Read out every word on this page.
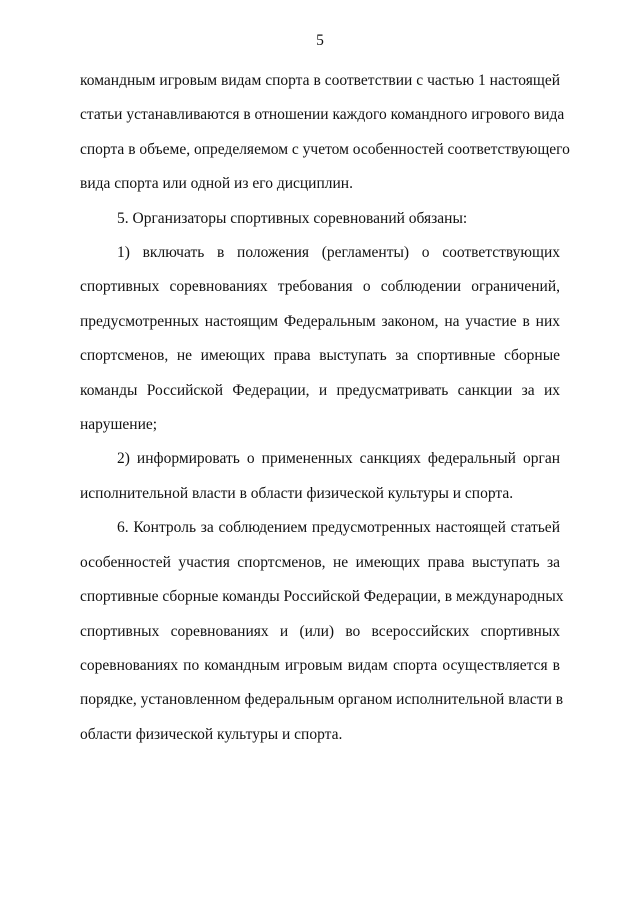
5
командным игровым видам спорта в соответствии с частью 1 настоящей
статьи устанавливаются в отношении каждого командного игрового вида
спорта в объеме, определяемом с учетом особенностей соответствующего
вида спорта или одной из его дисциплин.
5. Организаторы спортивных соревнований обязаны:
1) включать в положения (регламенты) о соответствующих
спортивных соревнованиях требования о соблюдении ограничений,
предусмотренных настоящим Федеральным законом, на участие в них
спортсменов, не имеющих права выступать за спортивные сборные
команды Российской Федерации, и предусматривать санкции за их
нарушение;
2) информировать о примененных санкциях федеральный орган
исполнительной власти в области физической культуры и спорта.
6. Контроль за соблюдением предусмотренных настоящей статьей
особенностей участия спортсменов, не имеющих права выступать за
спортивные сборные команды Российской Федерации, в международных
спортивных соревнованиях и (или) во всероссийских спортивных
соревнованиях по командным игровым видам спорта осуществляется в
порядке, установленном федеральным органом исполнительной власти в
области физической культуры и спорта.
